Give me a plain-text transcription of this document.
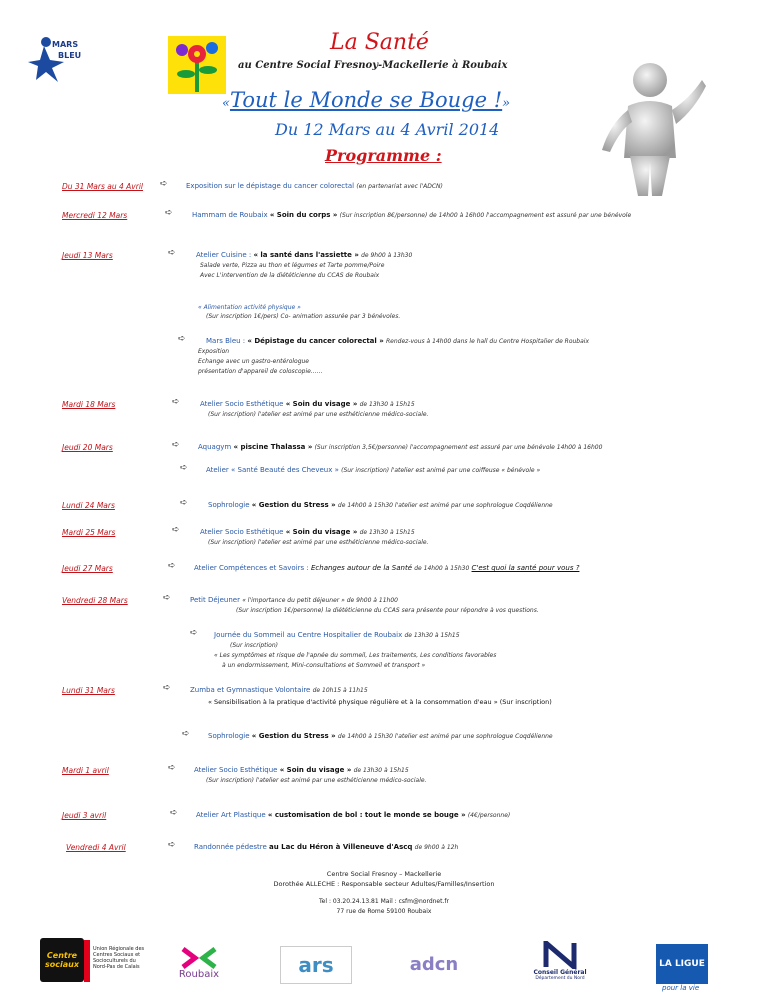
MARS
BLEU
La Santé
au Centre Social Fresnoy-Mackellerie à Roubaix
«Tout le Monde se Bouge !»
Du 12 Mars au 4 Avril 2014
Programme :
Du 31 Mars au 4 Avril ➪	Exposition sur le dépistage du cancer colorectal (en partenariat avec l'ADCN)
Mercredi 12 Mars	➪	Hammam de Roubaix « Soin du corps » (Sur inscription 8€/personne) de 14h00 à 16h00 l'accompagnement est assuré par une bénévole
Jeudi 13 Mars	➪	Atelier Cuisine : « la santé dans l'assiette » de 9h00 à 13h30
Salade verte, Pizza au thon et légumes et Tarte pomme/Poire
Avec L'intervention de la diététicienne du CCAS de Roubaix
« Alimentation activité physique »
(Sur inscription 1€/pers) Co- animation assurée par 3 bénévoles.
➪	Mars Bleu : « Dépistage du cancer colorectal » Rendez-vous à 14h00 dans le hall du Centre Hospitalier de Roubaix
Exposition
Echange avec un gastro-entérologue
présentation d'appareil de coloscopie……
Mardi 18 Mars	➪	Atelier Socio Esthétique « Soin du visage » de 13h30 à 15h15
(Sur inscription) l'atelier est animé par une esthéticienne médico-sociale.
Jeudi 20 Mars	➪	Aquagym « piscine Thalassa » (Sur inscription 3,5€/personne) l'accompagnement est assuré par une bénévole 14h00 à 16h00
➪	Atelier « Santé Beauté des Cheveux » (Sur inscription) l'atelier est animé par une coiffeuse « bénévole »
Lundi 24 Mars	➪	Sophrologie « Gestion du Stress » de 14h00 à 15h30 l'atelier est animé par une sophrologue Coqdélienne
Mardi 25 Mars	➪	Atelier Socio Esthétique « Soin du visage » de 13h30 à 15h15
(Sur inscription) l'atelier est animé par une esthéticienne médico-sociale.
Jeudi 27 Mars	➪	Atelier Compétences et Savoirs : Echanges autour de la Santé de 14h00 à 15h30 C'est quoi la santé pour vous ?
Vendredi 28 Mars	➪	Petit Déjeuner « l'importance du petit déjeuner » de 9h00 à 11h00
(Sur inscription 1€/personne) la diététicienne du CCAS sera présente pour répondre à vos questions.
➪ Journée du Sommeil au Centre Hospitalier de Roubaix de 13h30 à 15h15
(Sur inscription)
« Les symptômes et risque de l'apnée du sommeil, Les traitements, Les conditions favorables
à un endormissement, Mini-consultations et Sommeil et transport »
Lundi 31 Mars	➪	Zumba et Gymnastique Volontaire de 10h15 à 11h15
« Sensibilisation à la pratique d'activité physique régulière et à la consommation d'eau » (Sur inscription)
➪	Sophrologie « Gestion du Stress » de 14h00 à 15h30 l'atelier est animé par une sophrologue Coqdélienne
Mardi 1 avril	➪	Atelier Socio Esthétique « Soin du visage » de 13h30 à 15h15
(Sur inscription) l'atelier est animé par une esthéticienne médico-sociale.
Jeudi 3 avril	➪	Atelier Art Plastique « customisation de bol : tout le monde se bouge » (4€/personne)
Vendredi 4 Avril	➪	Randonnée pédestre au Lac du Héron à Villeneuve d'Ascq de 9h00 à 12h
Centre Social Fresnoy – Mackellerie
Dorothée ALLECHE : Responsable secteur Adultes/Familles/Insertion
Tel : 03.20.24.13.81 Mail : csfm@nordnet.fr
77 rue de Rome 59100 Roubaix
Centre
sociaux
Union Régionale des Centres Sociaux et Socioculturels du Nord-Pas de Calais
Roubaix	ars	adcn	Conseil Général
Département du Nord
LA LIGUE
pour la vie
